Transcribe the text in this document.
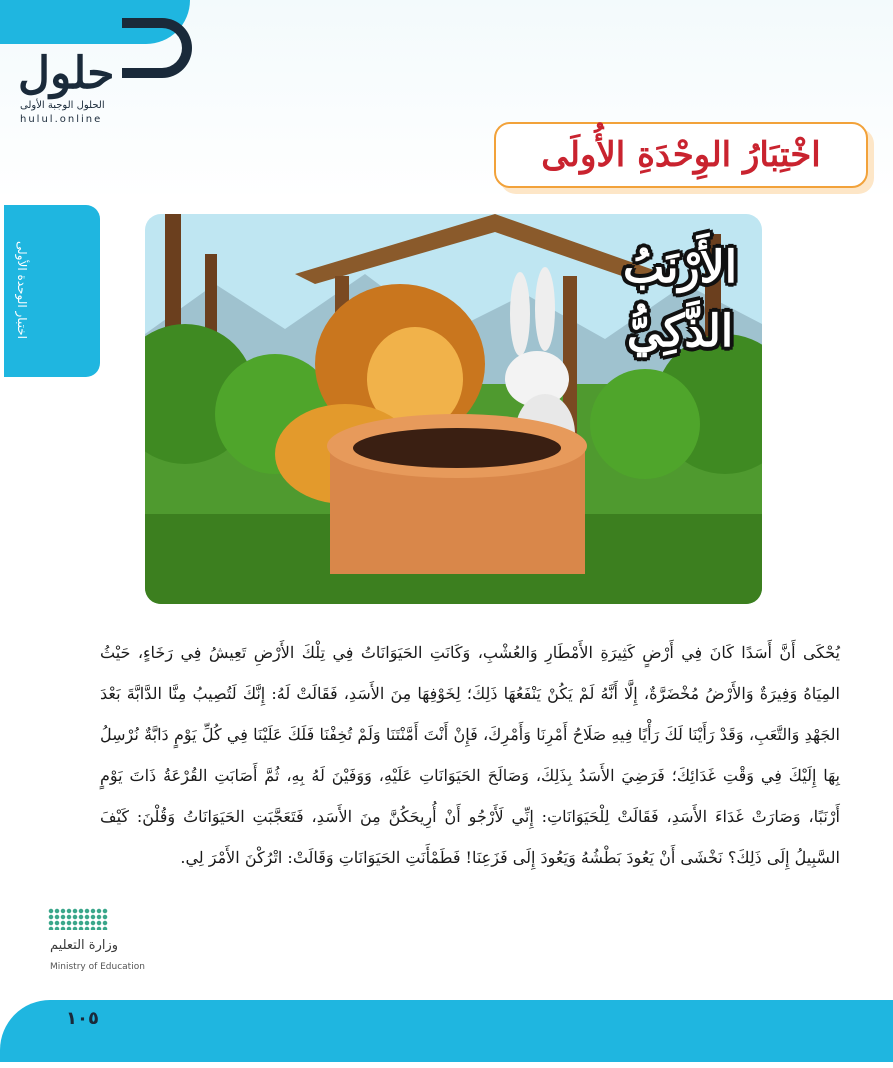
حلول
الحلول الوجبة الأولى
hulul.online
اخْتِبَارُ الوِحْدَةِ الأُولَى
اختبار الوحدة الأولى	الأَرْنَبُ
الذَّكِيُّ
يُحْكَى أَنَّ أَسَدًا كَانَ فِي أَرْضٍ كَثِيرَةِ الأَمْطَارِ وَالعُشْبِ، وَكَانَتِ الحَيَوَانَاتُ فِي تِلْكَ الأَرْضِ تَعِيشُ فِي رَخَاءٍ، حَيْثُ المِيَاهُ وَفِيرَةٌ وَالأَرْضُ مُخْضَرَّةٌ، إِلَّا أَنَّهُ لَمْ يَكُنْ يَنْفَعُهَا ذَلِكَ؛ لِخَوْفِهَا مِنَ الأَسَدِ، فَقَالَتْ لَهُ: إِنَّكَ لَتُصِيبُ مِنَّا الدَّابَّةَ بَعْدَ الجَهْدِ وَالتَّعَبِ، وَقَدْ رَأَيْنَا لَكَ رَأْيًا فِيهِ صَلَاحُ أَمْرِنَا وَأَمْرِكَ، فَإِنْ أَنْتَ أَمَّنْتَنَا وَلَمْ تُخِفْنَا فَلَكَ عَلَيْنَا فِي كُلِّ يَوْمٍ دَابَّةٌ نُرْسِلُ بِهَا إِلَيْكَ فِي وَقْتِ غَدَائِكَ؛ فَرَضِيَ الأَسَدُ بِذَلِكَ، وَصَالَحَ الحَيَوَانَاتِ عَلَيْهِ، وَوَفَيْنَ لَهُ بِهِ، ثُمَّ أَصَابَتِ القُرْعَةُ ذَاتَ يَوْمٍ أَرْنَبًا، وَصَارَتْ غَدَاءَ الأَسَدِ، فَقَالَتْ لِلْحَيَوَانَاتِ: إِنِّي لَأَرْجُو أَنْ أُرِيحَكُنَّ مِنَ الأَسَدِ، فَتَعَجَّبَتِ الحَيَوَانَاتُ وَقُلْنَ: كَيْفَ السَّبِيلُ إِلَى ذَلِكَ؟ نَخْشَى أَنْ يَعُودَ بَطْشُهُ وَيَعُودَ إِلَى فَزَعِنَا! فَطَمْأَنَتِ الحَيَوَانَاتِ وَقَالَتْ: اتْرُكْنَ الأَمْرَ لِي.
وزارة التعليم
Ministry of Education
١٠٥
